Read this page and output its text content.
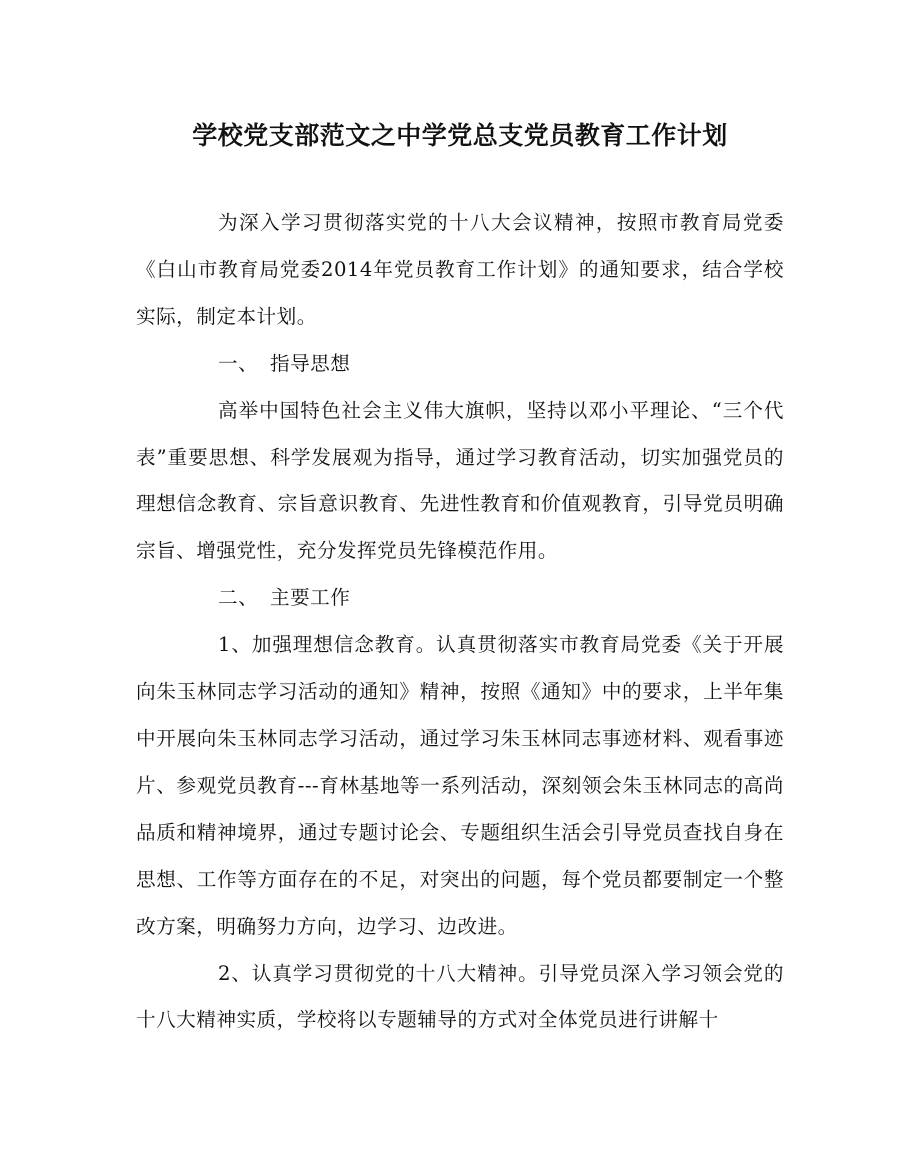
学校党支部范文之中学党总支党员教育工作计划

为深入学习贯彻落实党的十八大会议精神，按照市教育局党委《白山市教育局党委2014年党员教育工作计划》的通知要求，结合学校实际，制定本计划。

一、 指导思想

高举中国特色社会主义伟大旗帜，坚持以邓小平理论、“三个代表”重要思想、科学发展观为指导，通过学习教育活动，切实加强党员的理想信念教育、宗旨意识教育、先进性教育和价值观教育，引导党员明确宗旨、增强党性，充分发挥党员先锋模范作用。

二、 主要工作

1、加强理想信念教育。认真贯彻落实市教育局党委《关于开展向朱玉林同志学习活动的通知》精神，按照《通知》中的要求，上半年集中开展向朱玉林同志学习活动，通过学习朱玉林同志事迹材料、观看事迹片、参观党员教育---育林基地等一系列活动，深刻领会朱玉林同志的高尚品质和精神境界，通过专题讨论会、专题组织生活会引导党员查找自身在思想、工作等方面存在的不足，对突出的问题，每个党员都要制定一个整改方案，明确努力方向，边学习、边改进。

2、认真学习贯彻党的十八大精神。引导党员深入学习领会党的十八大精神实质，学校将以专题辅导的方式对全体党员进行讲解十
